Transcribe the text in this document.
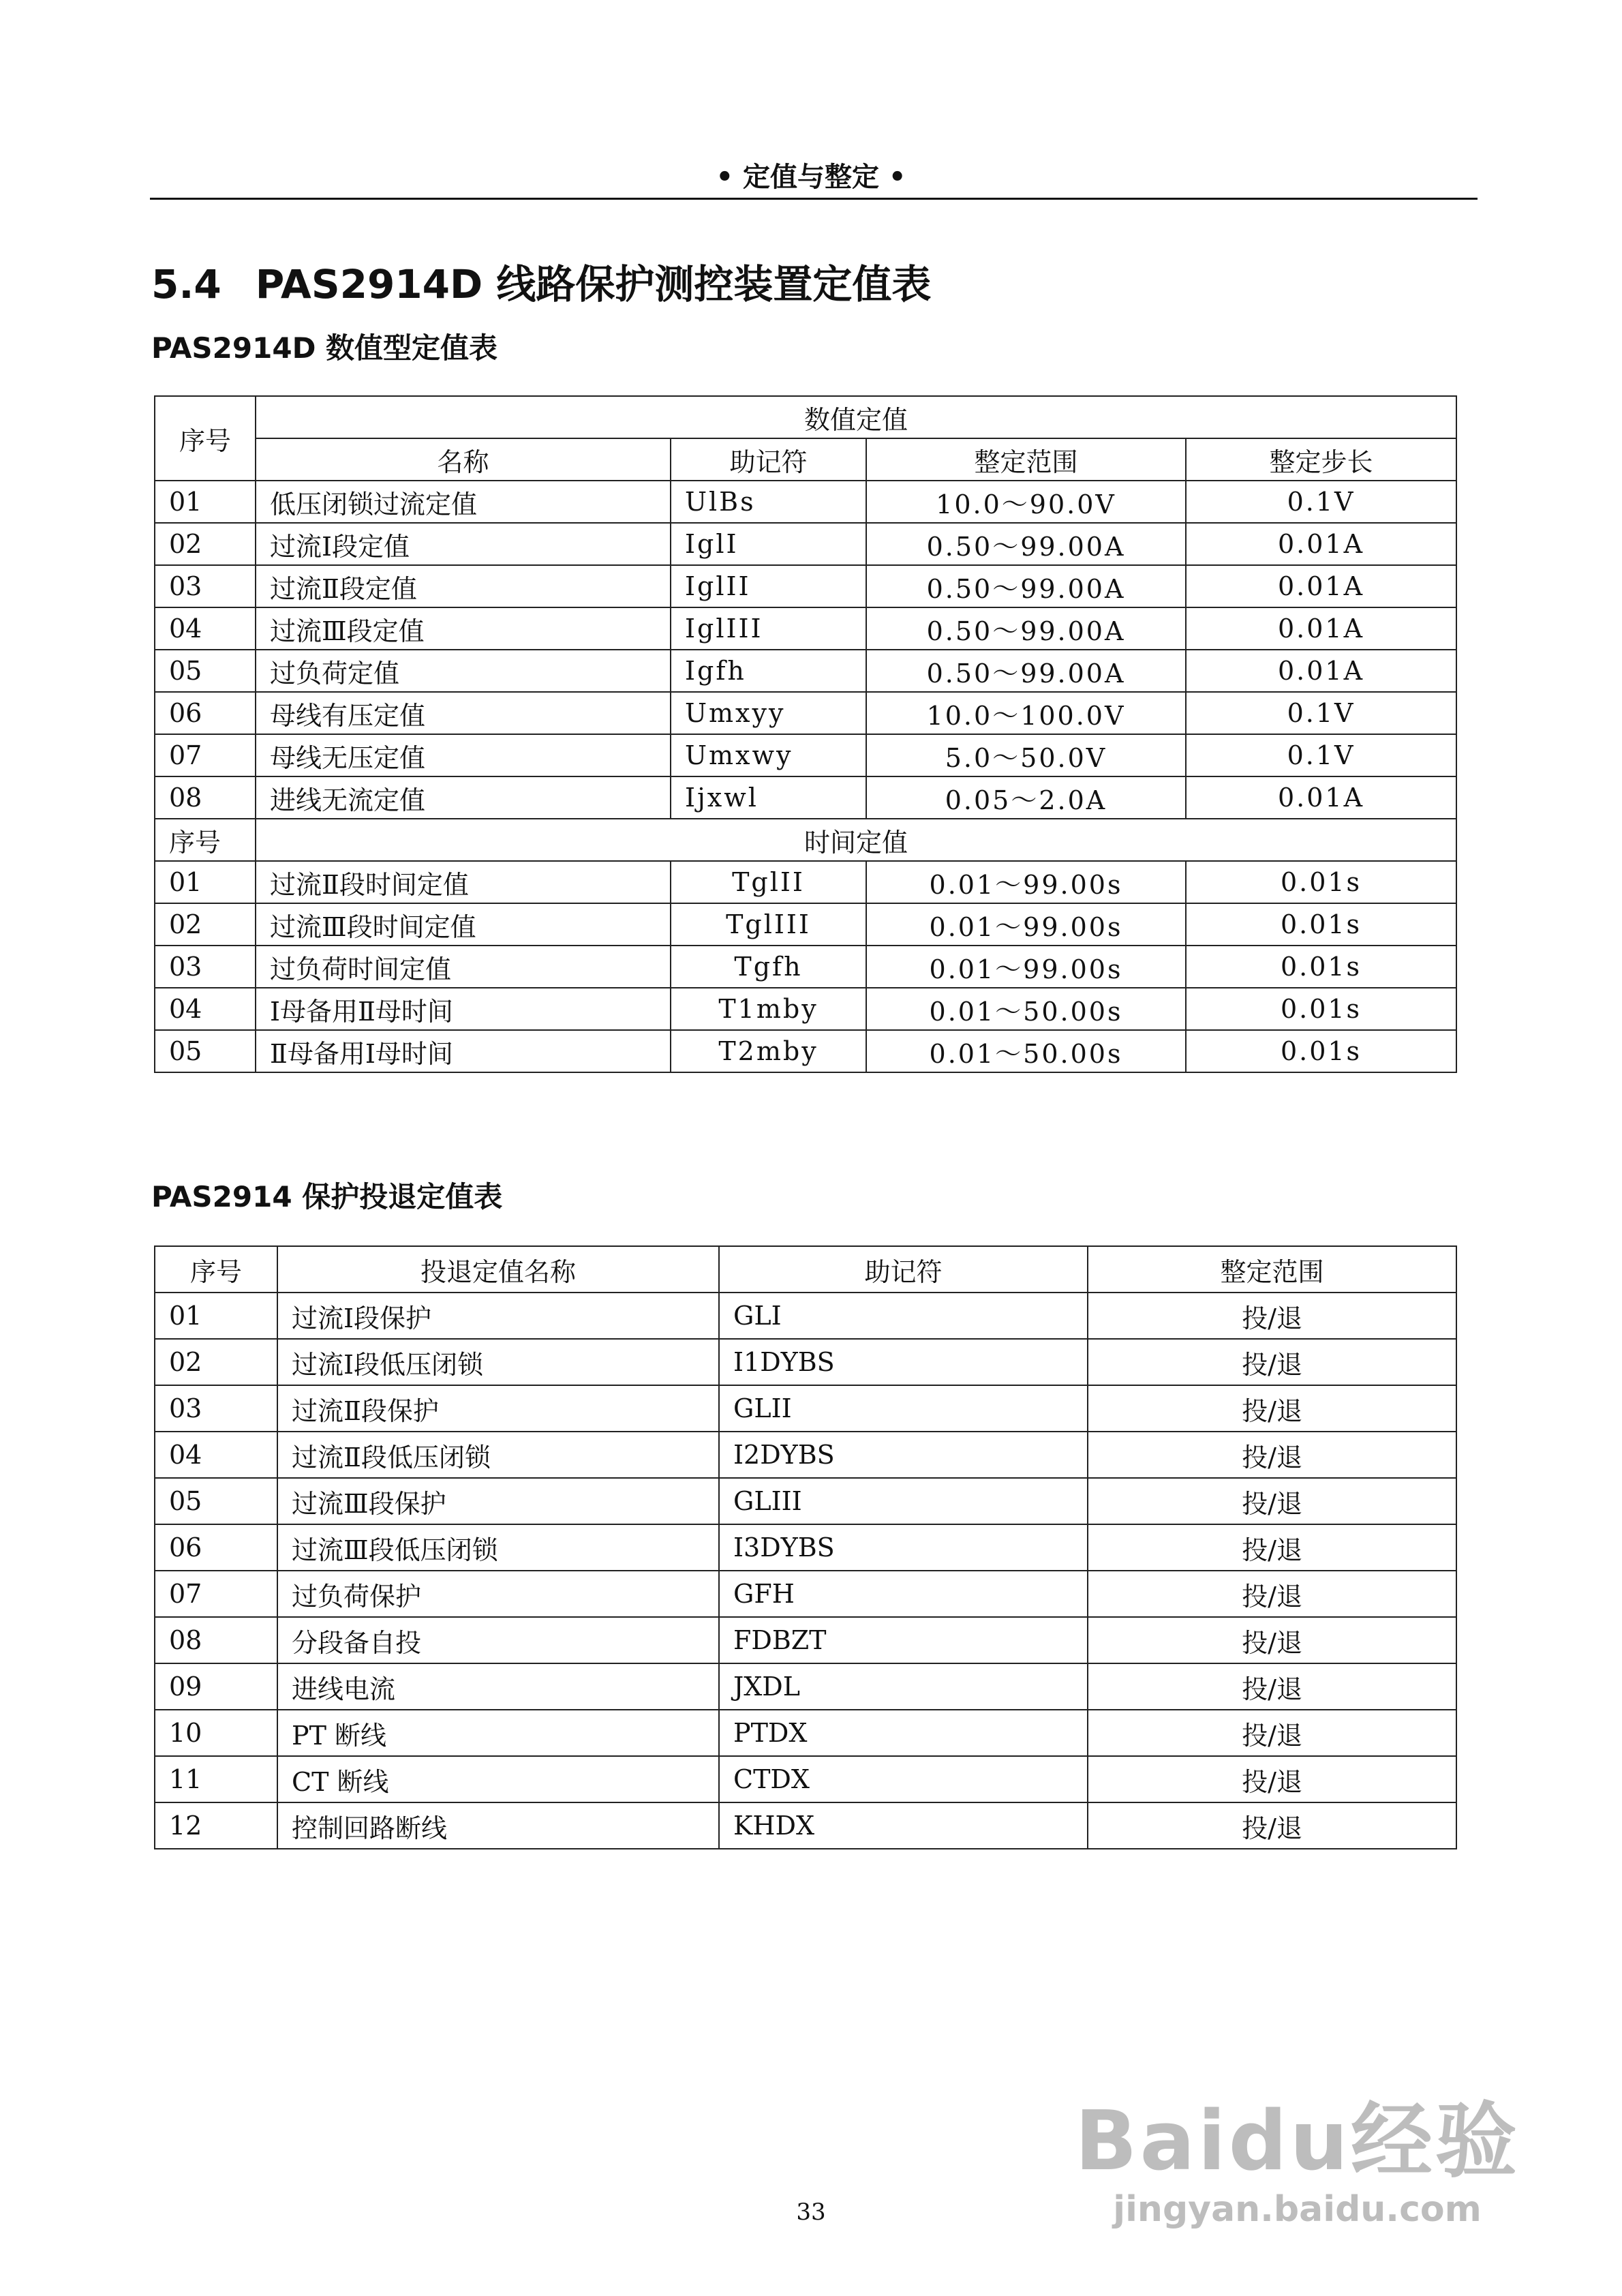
• 定值与整定 •
5.4 PAS2914D 线路保护测控装置定值表
PAS2914D 数值型定值表
序号	数值定值			
	名称	助记符	整定范围	整定步长
01	低压闭锁过流定值	UlBs	10.0～90.0V	0.1V
02	过流Ⅰ段定值	IglI	0.50～99.00A	0.01A
03	过流Ⅱ段定值	IglII	0.50～99.00A	0.01A
04	过流Ⅲ段定值	IglIII	0.50～99.00A	0.01A
05	过负荷定值	Igfh	0.50～99.00A	0.01A
06	母线有压定值	Umxyy	10.0～100.0V	0.1V
07	母线无压定值	Umxwy	5.0～50.0V	0.1V
08	进线无流定值	Ijxwl	0.05～2.0A	0.01A
序号	时间定值			
01	过流Ⅱ段时间定值	TglII	0.01～99.00s	0.01s
02	过流Ⅲ段时间定值	TglIII	0.01～99.00s	0.01s
03	过负荷时间定值	Tgfh	0.01～99.00s	0.01s
04	Ⅰ母备用Ⅱ母时间	T1mby	0.01～50.00s	0.01s
05	Ⅱ母备用Ⅰ母时间	T2mby	0.01～50.00s	0.01s
PAS2914 保护投退定值表
序号	投退定值名称	助记符	整定范围
01	过流Ⅰ段保护	GLI	投/退
02	过流Ⅰ段低压闭锁	I1DYBS	投/退
03	过流Ⅱ段保护	GLII	投/退
04	过流Ⅱ段低压闭锁	I2DYBS	投/退
05	过流Ⅲ段保护	GLIII	投/退
06	过流Ⅲ段低压闭锁	I3DYBS	投/退
07	过负荷保护	GFH	投/退
08	分段备自投	FDBZT	投/退
09	进线电流	JXDL	投/退
10	PT 断线	PTDX	投/退
11	CT 断线	CTDX	投/退
12	控制回路断线	KHDX	投/退
33
Baidu经验
jingyan.baidu.com
